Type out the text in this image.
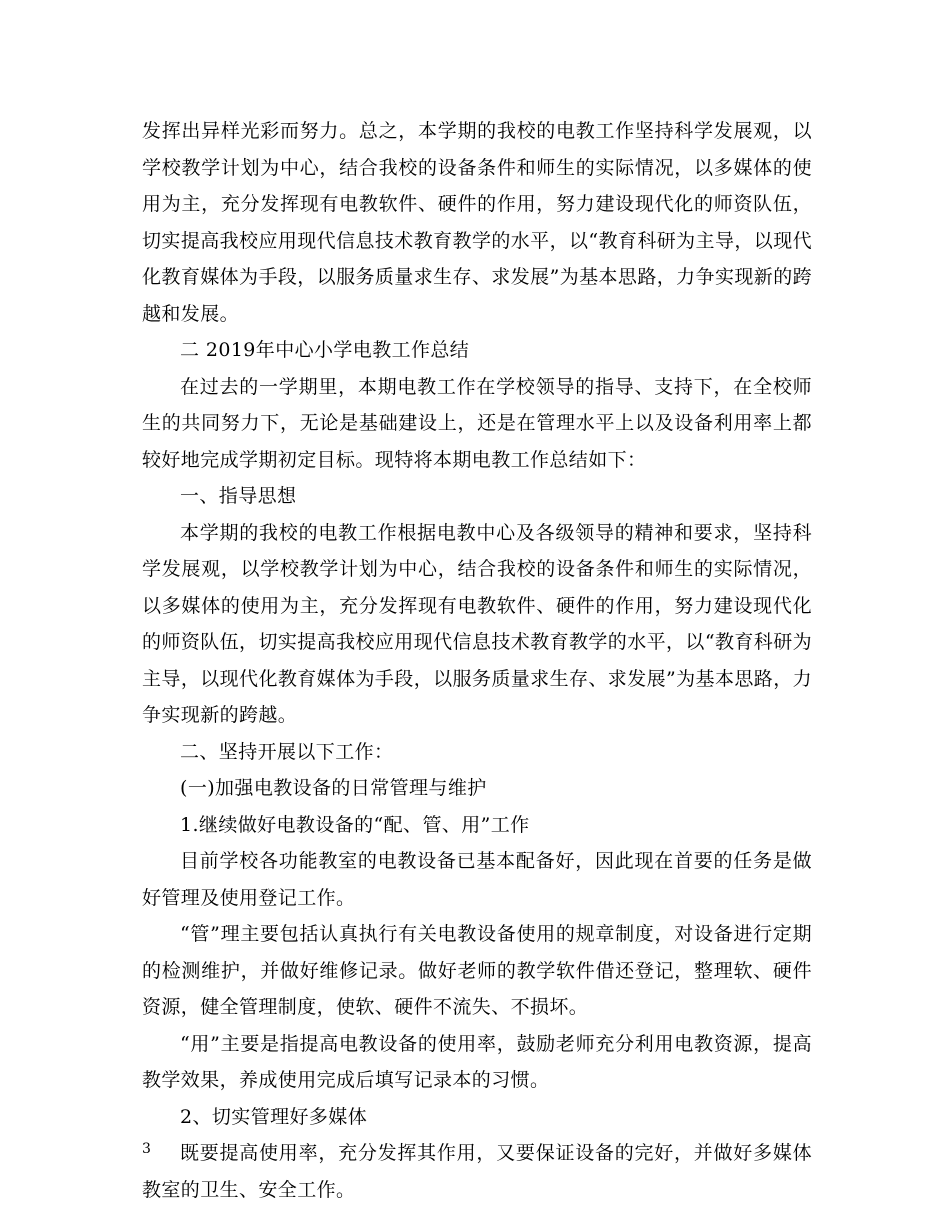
发挥出异样光彩而努力。总之，本学期的我校的电教工作坚持科学发展观，以学校教学计划为中心，结合我校的设备条件和师生的实际情况，以多媒体的使用为主，充分发挥现有电教软件、硬件的作用，努力建设现代化的师资队伍，切实提高我校应用现代信息技术教育教学的水平，以“教育科研为主导，以现代化教育媒体为手段，以服务质量求生存、求发展”为基本思路，力争实现新的跨越和发展。

二 2019年中心小学电教工作总结

在过去的一学期里，本期电教工作在学校领导的指导、支持下，在全校师生的共同努力下，无论是基础建设上，还是在管理水平上以及设备利用率上都较好地完成学期初定目标。现特将本期电教工作总结如下：

一、指导思想

本学期的我校的电教工作根据电教中心及各级领导的精神和要求，坚持科学发展观，以学校教学计划为中心，结合我校的设备条件和师生的实际情况，以多媒体的使用为主，充分发挥现有电教软件、硬件的作用，努力建设现代化的师资队伍，切实提高我校应用现代信息技术教育教学的水平，以“教育科研为主导，以现代化教育媒体为手段，以服务质量求生存、求发展”为基本思路，力争实现新的跨越。

二、坚持开展以下工作：

(一)加强电教设备的日常管理与维护

1.继续做好电教设备的“配、管、用”工作

目前学校各功能教室的电教设备已基本配备好，因此现在首要的任务是做好管理及使用登记工作。

“管”理主要包括认真执行有关电教设备使用的规章制度，对设备进行定期的检测维护，并做好维修记录。做好老师的教学软件借还登记，整理软、硬件资源，健全管理制度，使软、硬件不流失、不损坏。

“用”主要是指提高电教设备的使用率，鼓励老师充分利用电教资源，提高教学效果，养成使用完成后填写记录本的习惯。

2、切实管理好多媒体

既要提高使用率，充分发挥其作用，又要保证设备的完好，并做好多媒体教室的卫生、安全工作。

3
